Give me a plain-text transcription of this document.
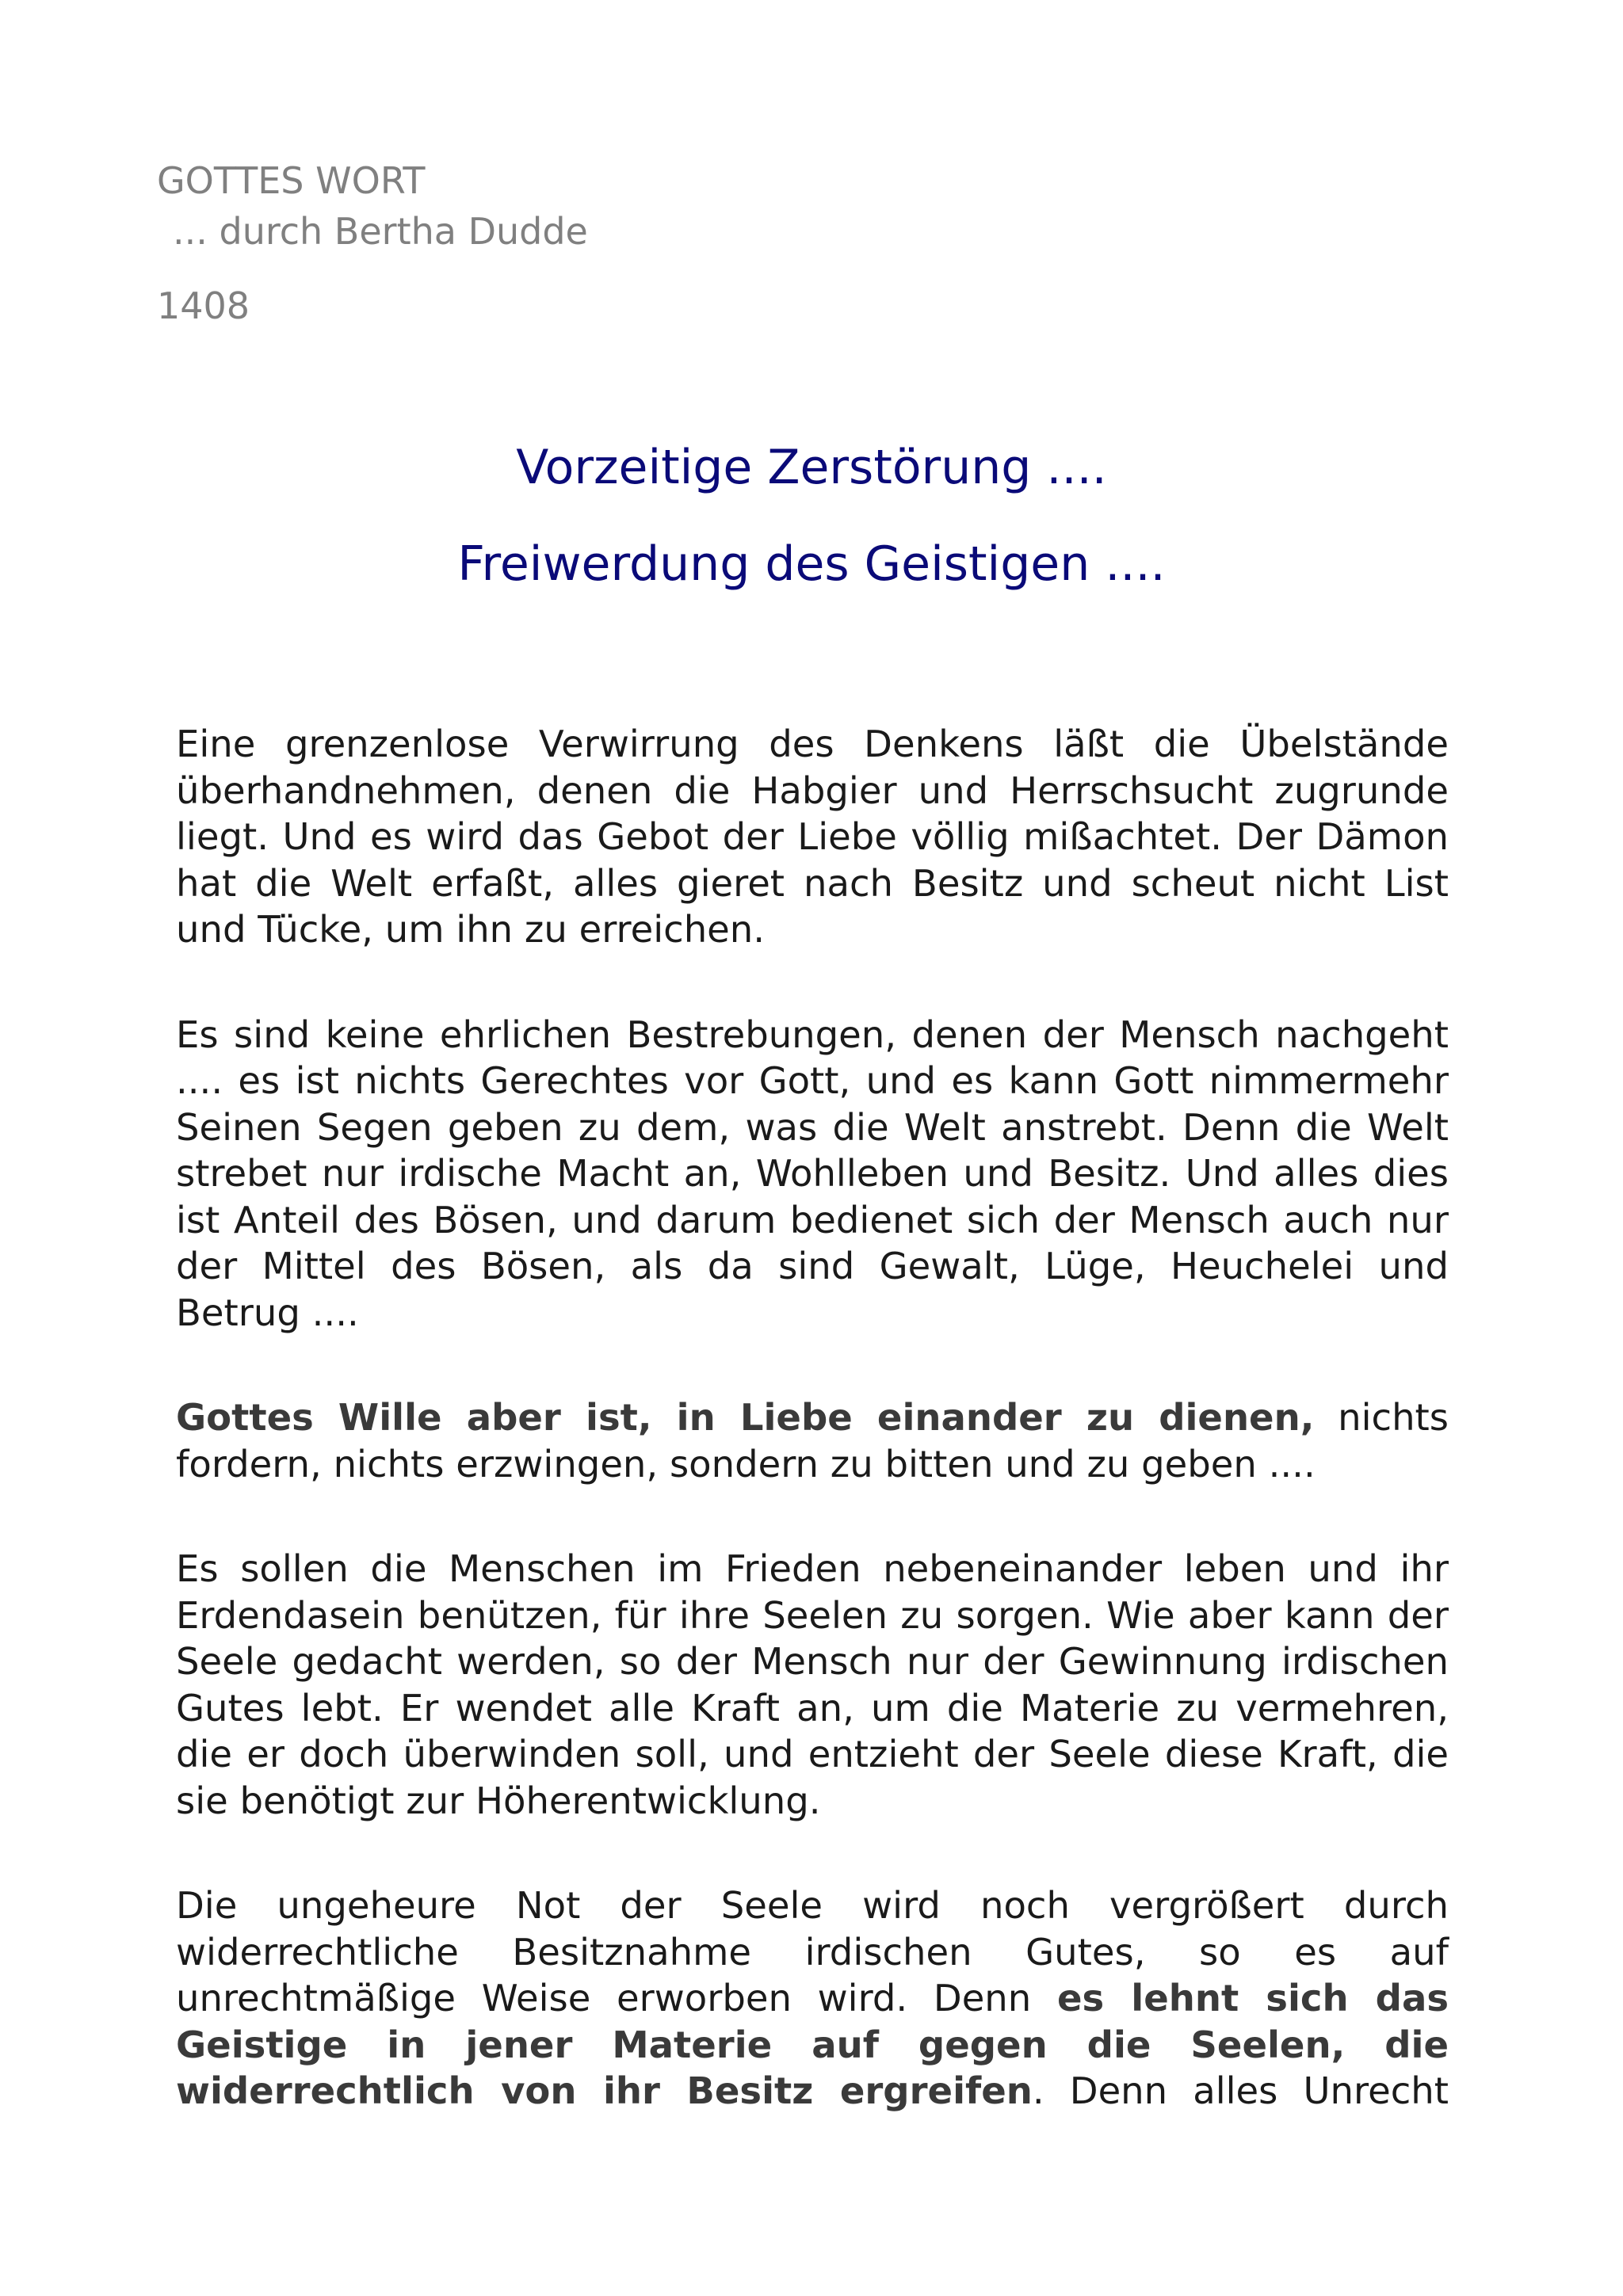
GOTTES WORT
... durch Bertha Dudde
1408
Vorzeitige Zerstörung ....
Freiwerdung des Geistigen ....

Eine grenzenlose Verwirrung des Denkens läßt die Übelstände überhandnehmen, denen die Habgier und Herrschsucht zugrunde liegt. Und es wird das Gebot der Liebe völlig mißachtet. Der Dämon hat die Welt erfaßt, alles gieret nach Besitz und scheut nicht List und Tücke, um ihn zu erreichen.

Es sind keine ehrlichen Bestrebungen, denen der Mensch nachgeht .... es ist nichts Gerechtes vor Gott, und es kann Gott nimmermehr Seinen Segen geben zu dem, was die Welt anstrebt. Denn die Welt strebet nur irdische Macht an, Wohlleben und Besitz. Und alles dies ist Anteil des Bösen, und darum bedienet sich der Mensch auch nur der Mittel des Bösen, als da sind Gewalt, Lüge, Heuchelei und Betrug ....

Gottes Wille aber ist, in Liebe einander zu dienen, nichts fordern, nichts erzwingen, sondern zu bitten und zu geben ....

Es sollen die Menschen im Frieden nebeneinander leben und ihr Erdendasein benützen, für ihre Seelen zu sorgen. Wie aber kann der Seele gedacht werden, so der Mensch nur der Gewinnung irdischen Gutes lebt. Er wendet alle Kraft an, um die Materie zu vermehren, die er doch überwinden soll, und entzieht der Seele diese Kraft, die sie benötigt zur Höherentwicklung.

Die ungeheure Not der Seele wird noch vergrößert durch widerrechtliche Besitznahme irdischen Gutes, so es auf unrechtmäßige Weise erworben wird. Denn es lehnt sich das Geistige in jener Materie auf gegen die Seelen, die widerrechtlich von ihr Besitz ergreifen. Denn alles Unrecht
